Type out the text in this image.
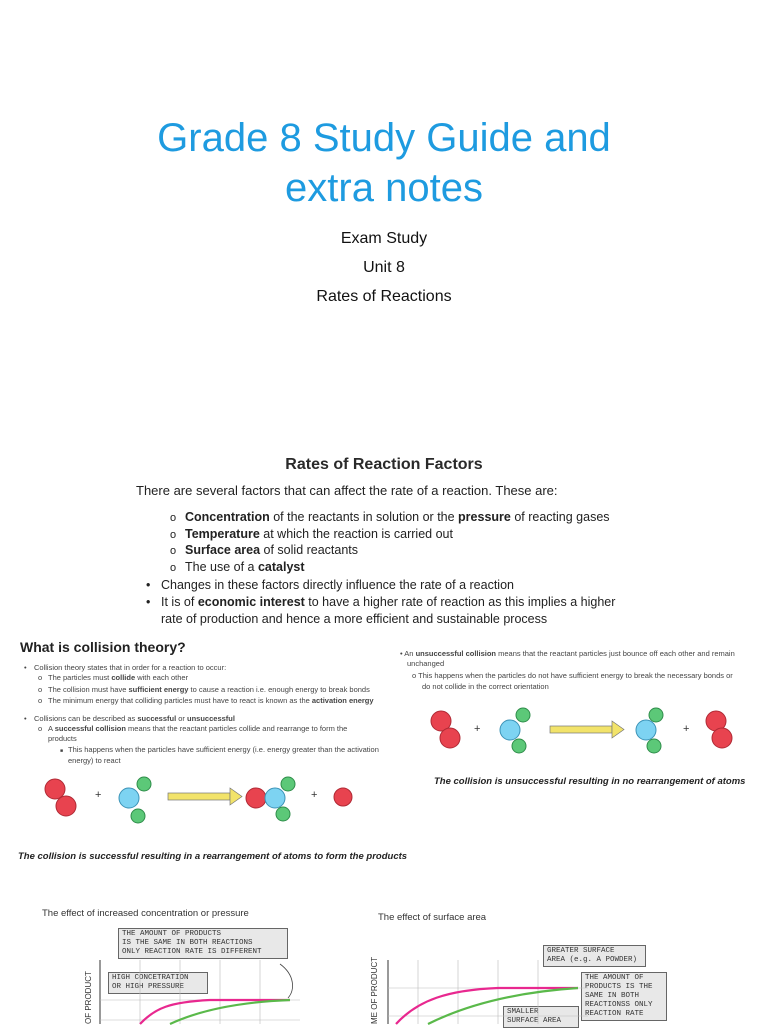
Grade 8 Study Guide and
extra notes
Exam Study
Unit 8
Rates of Reactions
Rates of Reaction Factors
There are several factors that can affect the rate of a reaction. These are:
o Concentration of the reactants in solution or the pressure of reacting gases
o Temperature at which the reaction is carried out
o Surface area of solid reactants
o The use of a catalyst
• Changes in these factors directly influence the rate of a reaction
• It is of economic interest to have a higher rate of reaction as this implies a higher
rate of production and hence a more efficient and sustainable process
What is collision theory?
• Collision theory states that in order for a reaction to occur:
o The particles must collide with each other
o The collision must have sufficient energy to cause a reaction i.e. enough energy to break bonds
o The minimum energy that colliding particles must have to react is known as the activation energy
• Collisions can be described as successful or unsuccessful
o A successful collision means that the reactant particles collide and rearrange to form the
products
■ This happens when the particles have sufficient energy (i.e. energy greater than the activation
energy) to react
+	+
The collision is successful resulting in a rearrangement of atoms to form the products
• An unsuccessful collision means that the reactant particles just bounce off each other and remain
unchanged
o This happens when the particles do not have sufficient energy to break the necessary bonds or
do not collide in the correct orientation
+	+
The collision is unsuccessful resulting in no rearrangement of atoms
The effect of increased concentration or pressure
THE AMOUNT OF PRODUCTS
IS THE SAME IN BOTH REACTIONS
ONLY REACTION RATE IS DIFFERENT
HIGH CONCETRATION
OR HIGH PRESSURE
OF PRODUCT
The effect of surface area
GREATER SURFACE
AREA (e.g. A POWDER)
THE AMOUNT OF
PRODUCTS IS THE
SAME IN BOTH
REACTIONSS ONLY
REACTION RATE
SMALLER
SURFACE AREA
ME OF PRODUCT
